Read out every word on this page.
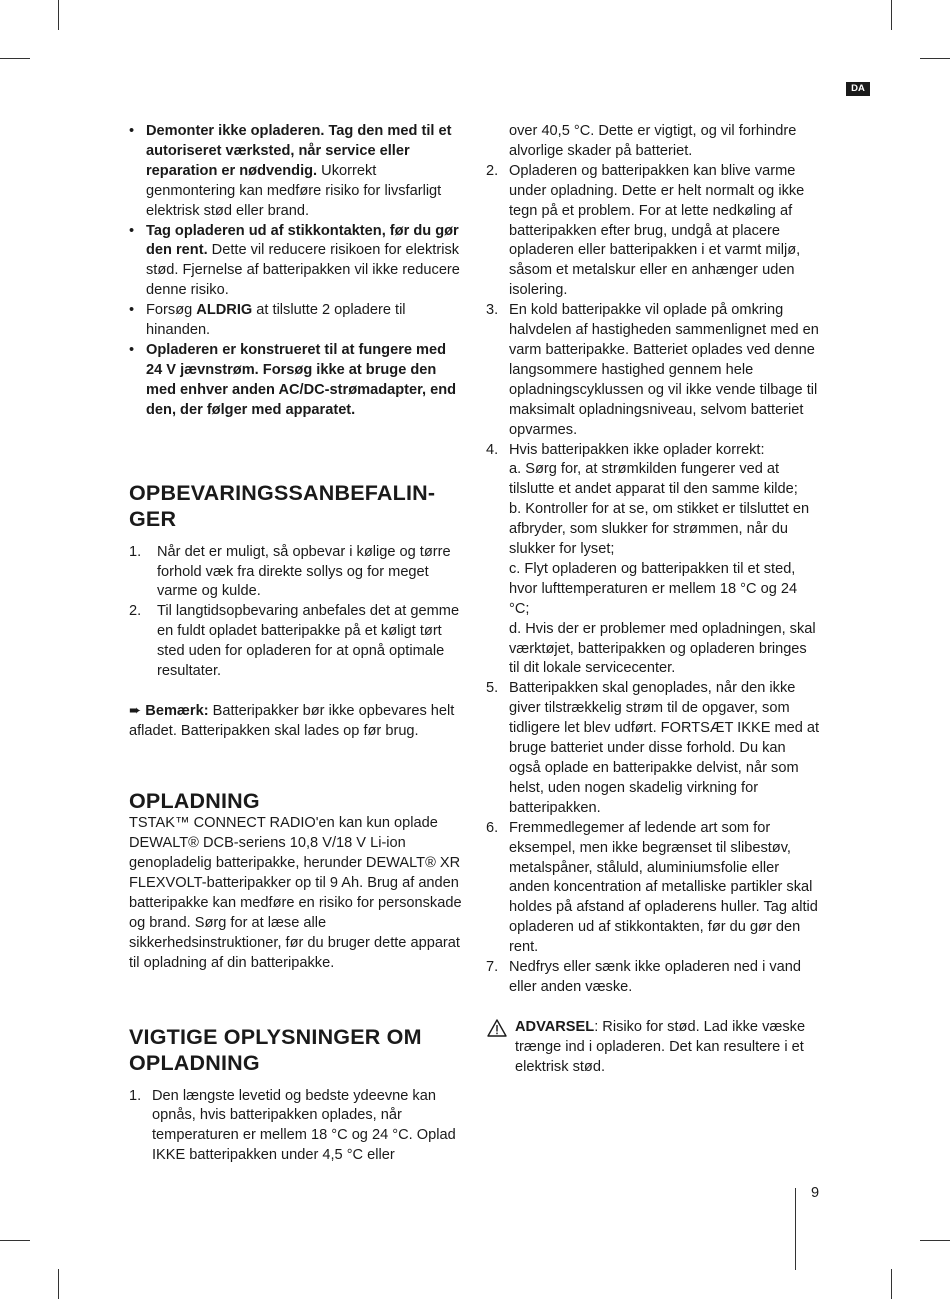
DA
9
• Demonter ikke opladeren. Tag den med til et autoriseret værksted, når service eller reparation er nødvendig. Ukorrekt genmontering kan medføre risiko for livsfarligt elektrisk stød eller brand.
• Tag opladeren ud af stikkontakten, før du gør den rent. Dette vil reducere risikoen for elektrisk stød. Fjernelse af batteripakken vil ikke reducere denne risiko.
• Forsøg ALDRIG at tilslutte 2 opladere til hinanden.
• Opladeren er konstrueret til at fungere med 24 V jævnstrøm. Forsøg ikke at bruge den med enhver anden AC/DC-strømadapter, end den, der følger med apparatet.
OPBEVARINGSSANBEFALIN-
GER
1. Når det er muligt, så opbevar i kølige og tørre forhold væk fra direkte sollys og for meget varme og kulde.
2. Til langtidsopbevaring anbefales det at gemme en fuldt opladet batteripakke på et køligt tørt sted uden for opladeren for at opnå optimale resultater.

➨ Bemærk: Batteripakker bør ikke opbevares helt afladet. Batteripakken skal lades op før brug.

OPLADNING

TSTAK™ CONNECT RADIO'en kan kun oplade DEWALT® DCB-seriens 10,8 V/18 V Li-ion genopladelig batteripakke, herunder DEWALT® XR FLEXVOLT-batteripakker op til 9 Ah. Brug af anden batteripakke kan medføre en risiko for personskade og brand. Sørg for at læse alle sikkerhedsinstruktioner, før du bruger dette apparat til opladning af din batteripakke.

VIGTIGE OPLYSNINGER OM
OPLADNING
1. Den længste levetid og bedste ydeevne kan opnås, hvis batteripakken oplades, når temperaturen er mellem 18 °C og 24 °C. Oplad IKKE batteripakken under 4,5 °C eller

over 40,5 °C. Dette er vigtigt, og vil forhindre alvorlige skader på batteriet.

2. Opladeren og batteripakken kan blive varme under opladning. Dette er helt normalt og ikke tegn på et problem. For at lette nedkøling af batteripakken efter brug, undgå at placere opladeren eller batteripakken i et varmt miljø, såsom et metalskur eller en anhænger uden isolering.
3. En kold batteripakke vil oplade på omkring halvdelen af hastigheden sammenlignet med en varm batteripakke. Batteriet oplades ved denne langsommere hastighed gennem hele opladningscyklussen og vil ikke vende tilbage til maksimalt opladningsniveau, selvom batteriet opvarmes.
4. Hvis batteripakken ikke oplader korrekt:
a. Sørg for, at strømkilden fungerer ved at tilslutte et andet apparat til den samme kilde;
b. Kontroller for at se, om stikket er tilsluttet en afbryder, som slukker for strømmen, når du slukker for lyset;
c. Flyt opladeren og batteripakken til et sted, hvor lufttemperaturen er mellem 18 °C og 24 °C;
d. Hvis der er problemer med opladningen, skal værktøjet, batteripakken og opladeren bringes til dit lokale servicecenter.
5. Batteripakken skal genoplades, når den ikke giver tilstrækkelig strøm til de opgaver, som tidligere let blev udført. FORTSÆT IKKE med at bruge batteriet under disse forhold. Du kan også oplade en batteripakke delvist, når som helst, uden nogen skadelig virkning for batteripakken.
6. Fremmedlegemer af ledende art som for eksempel, men ikke begrænset til slibestøv, metalspåner, ståluld, aluminiumsfolie eller anden koncentration af metalliske partikler skal holdes på afstand af opladerens huller. Tag altid opladeren ud af stikkontakten, før du gør den rent.
7. Nedfrys eller sænk ikke opladeren ned i vand eller anden væske.

ADVARSEL: Risiko for stød. Lad ikke væske trænge ind i opladeren. Det kan resultere i et elektrisk stød.
